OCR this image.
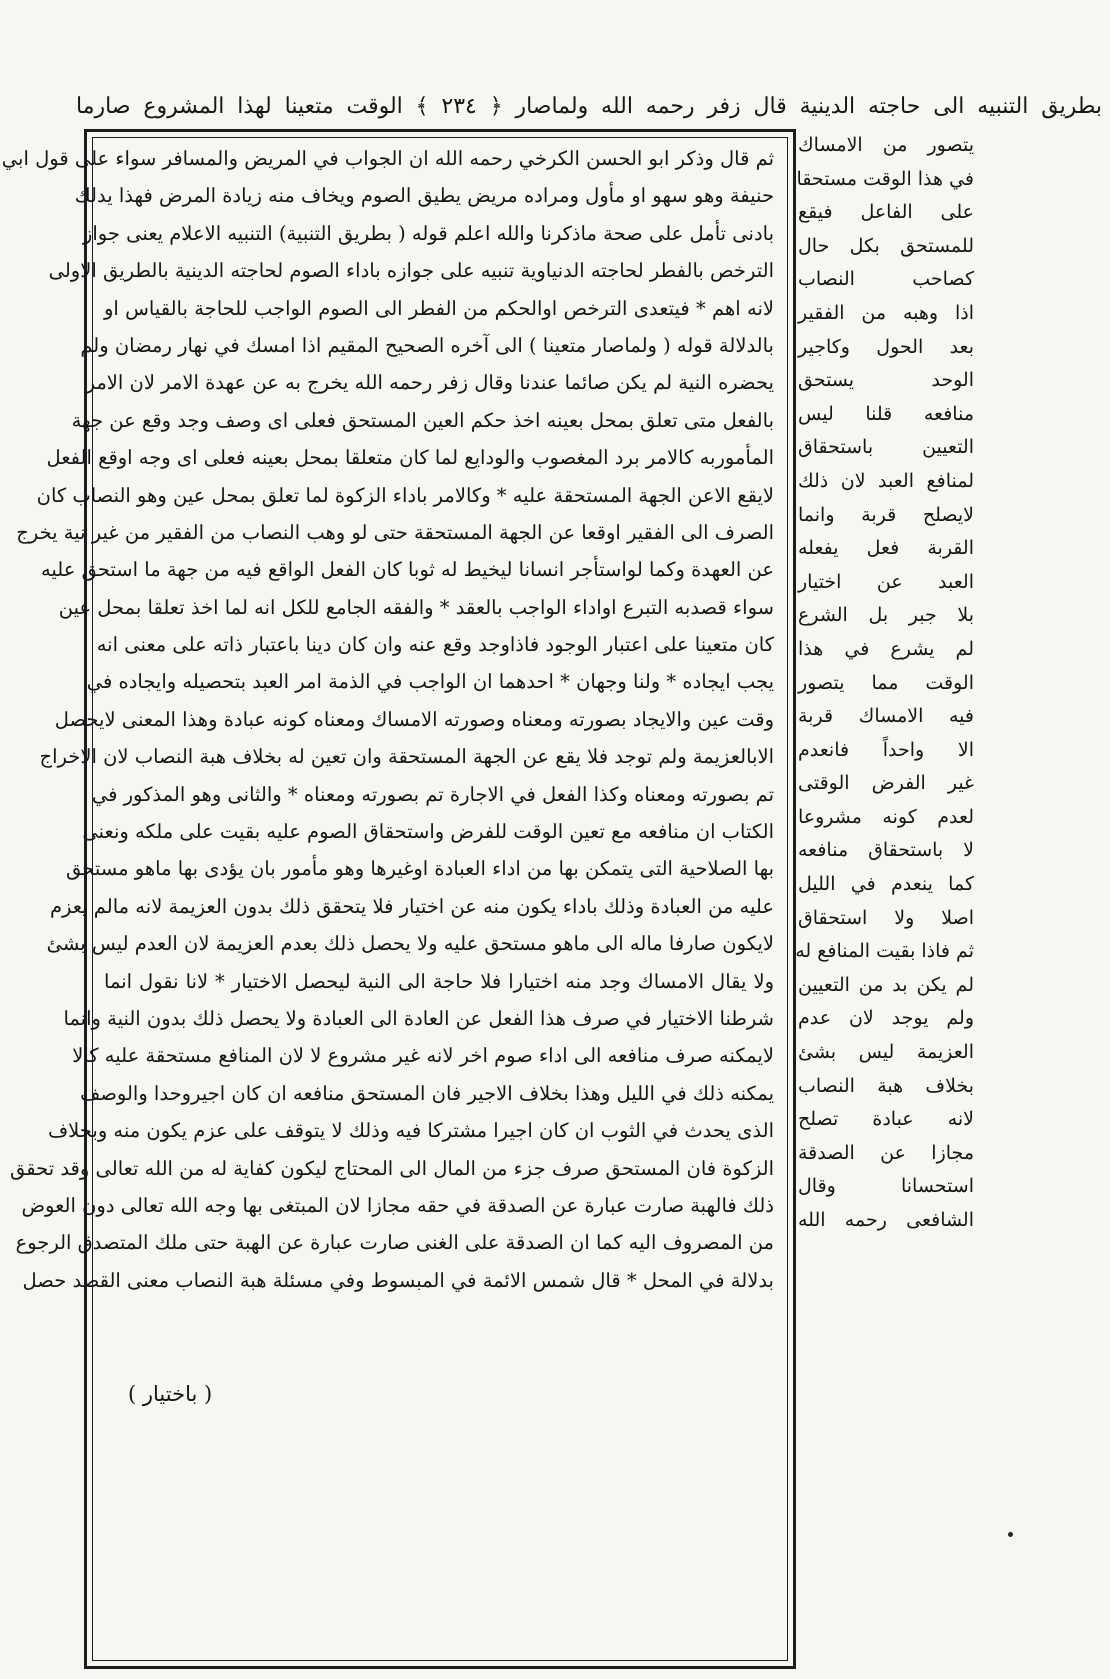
بطريق التنبيه الى حاجته الدينية قال زفر رحمه الله ولماصار ﴿ ٢٣٤ ﴾ الوقت متعينا لهذا المشروع صارما
ثم قال وذكر ابو الحسن الكرخي رحمه الله ان الجواب في المريض والمسافر سواء على قول ابي
حنيفة وهو سهو او مأول ومراده مريض يطيق الصوم ويخاف منه زيادة المرض فهذا يدلك
بادنى تأمل على صحة ماذكرنا والله اعلم قوله ( بطريق التنبية) التنبيه الاعلام يعنى جواز
الترخص بالفطر لحاجته الدنياوية تنبيه على جوازه باداء الصوم لحاجته الدينية بالطريق الاولى
لانه اهم * فيتعدى الترخص اوالحكم من الفطر الى الصوم الواجب للحاجة بالقياس او
بالدلالة قوله ( ولماصار متعينا ) الى آخره الصحيح المقيم اذا امسك في نهار رمضان ولم
يحضره النية لم يكن صائما عندنا وقال زفر رحمه الله يخرج به عن عهدة الامر لان الامر
بالفعل متى تعلق بمحل بعينه اخذ حكم العين المستحق فعلى اى وصف وجد وقع عن جهة
المأموربه كالامر برد المغصوب والودايع لما كان متعلقا بمحل بعينه فعلى اى وجه اوقع الفعل
لايقع الاعن الجهة المستحقة عليه * وكالامر باداء الزكوة لما تعلق بمحل عين وهو النصاب كان
الصرف الى الفقير اوقعا عن الجهة المستحقة حتى لو وهب النصاب من الفقير من غير نية يخرج
عن العهدة وكما لواستأجر انسانا ليخيط له ثوبا كان الفعل الواقع فيه من جهة ما استحق عليه
سواء قصدبه التبرع اواداء الواجب بالعقد * والفقه الجامع للكل انه لما اخذ تعلقا بمحل عين
كان متعينا على اعتبار الوجود فاذاوجد وقع عنه وان كان دينا باعتبار ذاته على معنى انه
يجب ايجاده * ولنا وجهان * احدهما ان الواجب في الذمة امر العبد بتحصيله وايجاده في
وقت عين والايجاد بصورته ومعناه وصورته الامساك ومعناه كونه عبادة وهذا المعنى لايحصل
الابالعزيمة ولم توجد فلا يقع عن الجهة المستحقة وان تعين له بخلاف هبة النصاب لان الاخراج
تم بصورته ومعناه وكذا الفعل في الاجارة تم بصورته ومعناه * والثانى وهو المذكور في
الكتاب ان منافعه مع تعين الوقت للفرض واستحقاق الصوم عليه بقيت على ملكه ونعنى
بها الصلاحية التى يتمكن بها من اداء العبادة اوغيرها وهو مأمور بان يؤدى بها ماهو مستحق
عليه من العبادة وذلك باداء يكون منه عن اختيار فلا يتحقق ذلك بدون العزيمة لانه مالم يعزم
لايكون صارفا ماله الى ماهو مستحق عليه ولا يحصل ذلك بعدم العزيمة لان العدم ليس بشئ
ولا يقال الامساك وجد منه اختيارا فلا حاجة الى النية ليحصل الاختيار * لانا نقول انما
شرطنا الاختيار في صرف هذا الفعل عن العادة الى العبادة ولا يحصل ذلك بدون النية وانما
لايمكنه صرف منافعه الى اداء صوم اخر لانه غير مشروع لا لان المنافع مستحقة عليه كالا
يمكنه ذلك في الليل وهذا بخلاف الاجير فان المستحق منافعه ان كان اجيروحدا والوصف
الذى يحدث في الثوب ان كان اجيرا مشتركا فيه وذلك لا يتوقف على عزم يكون منه وبخلاف
الزكوة فان المستحق صرف جزء من المال الى المحتاج ليكون كفاية له من الله تعالى وقد تحقق
ذلك فالهبة صارت عبارة عن الصدقة في حقه مجازا لان المبتغى بها وجه الله تعالى دون العوض
من المصروف اليه كما ان الصدقة على الغنى صارت عبارة عن الهبة حتى ملك المتصدق الرجوع
بدلالة في المحل * قال شمس الائمة في المبسوط وفي مسئلة هبة النصاب معنى القصد حصل
يتصور من الامساك
في هذا الوقت مستحقا
على الفاعل فيقع
للمستحق بكل حال
كصاحب النصاب
اذا وهبه من الفقير
بعد الحول وكاجير
الوحد يستحق
منافعه قلنا ليس
التعيين باستحقاق
لمنافع العبد لان ذلك
لايصلح قربة وانما
القربة فعل يفعله
العبد عن اختيار
بلا جبر بل الشرع
لم يشرع في هذا
الوقت مما يتصور
فيه الامساك قربة
الا واحداً فانعدم
غير الفرض الوقتى
لعدم كونه مشروعا
لا باستحقاق منافعه
كما ينعدم في الليل
اصلا ولا استحقاق
ثم فاذا بقيت المنافع له
لم يكن بد من التعيين
ولم يوجد لان عدم
العزيمة ليس بشئ
بخلاف هبة النصاب
لانه عبادة تصلح
مجازا عن الصدقة
استحسانا وقال
الشافعى رحمه الله
( باختيار )
